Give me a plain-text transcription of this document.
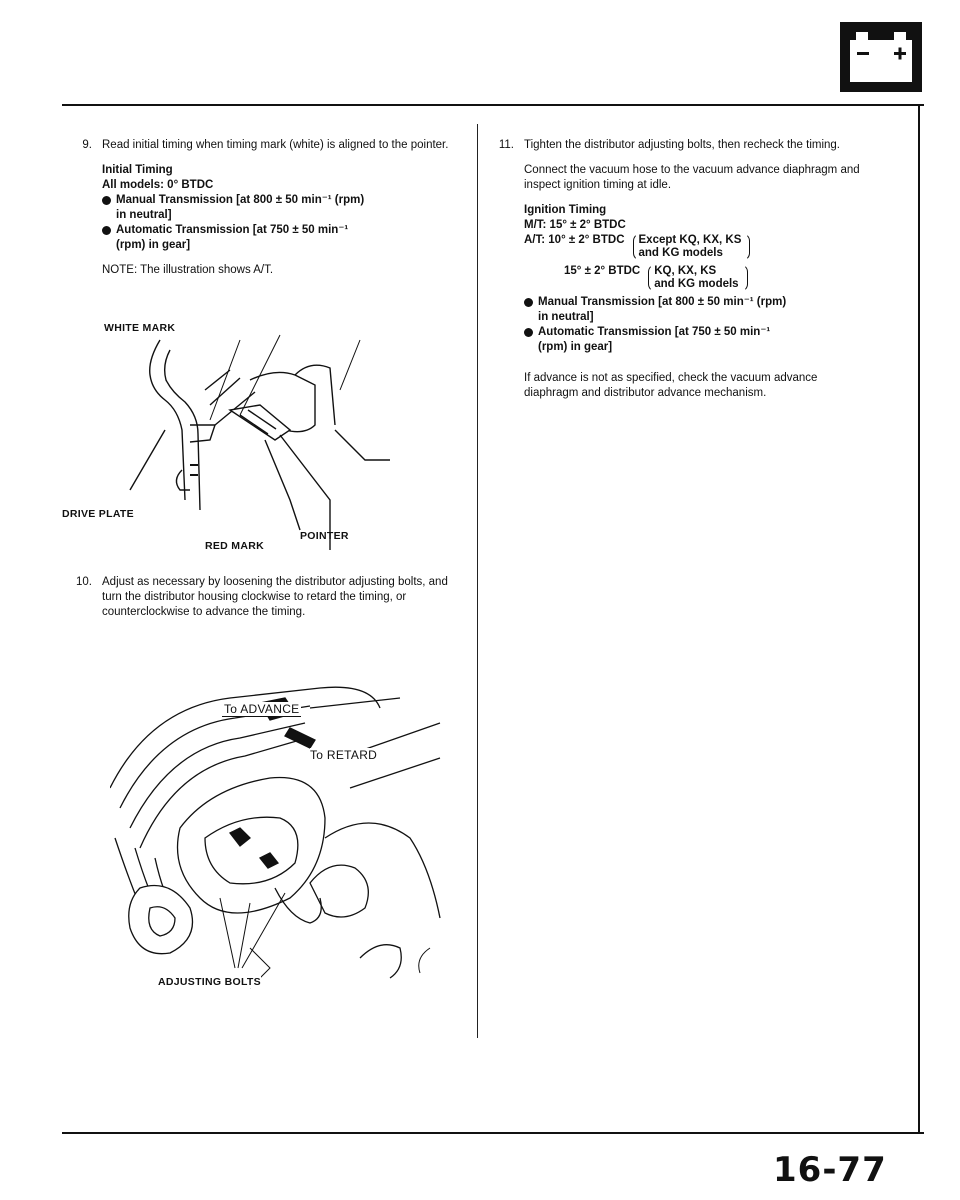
9. Read initial timing when timing mark (white) is aligned to the pointer.

Initial Timing
All models: 0° BTDC
Manual Transmission [at 800 ± 50 min⁻¹ (rpm)
in neutral]
Automatic Transmission [at 750 ± 50 min⁻¹
(rpm) in gear]

NOTE: The illustration shows A/T.

WHITE MARK
DRIVE PLATE
RED MARK
POINTER
10. Adjust as necessary by loosening the distributor adjusting bolts, and turn the distributor housing clockwise to retard the timing, or counterclockwise to advance the timing.

To ADVANCE
To RETARD
ADJUSTING BOLTS
11. Tighten the distributor adjusting bolts, then recheck the timing.

Connect the vacuum hose to the vacuum advance diaphragm and inspect ignition timing at idle.

Ignition Timing
M/T: 15° ± 2° BTDC
A/T: 10° ± 2° BTDC Except KQ, KX, KS
and KG models
15° ± 2° BTDC KQ, KX, KS
and KG models
Manual Transmission [at 800 ± 50 min⁻¹ (rpm)
in neutral]
Automatic Transmission [at 750 ± 50 min⁻¹
(rpm) in gear]

If advance is not as specified, check the vacuum advance diaphragm and distributor advance mechanism.

16-77
